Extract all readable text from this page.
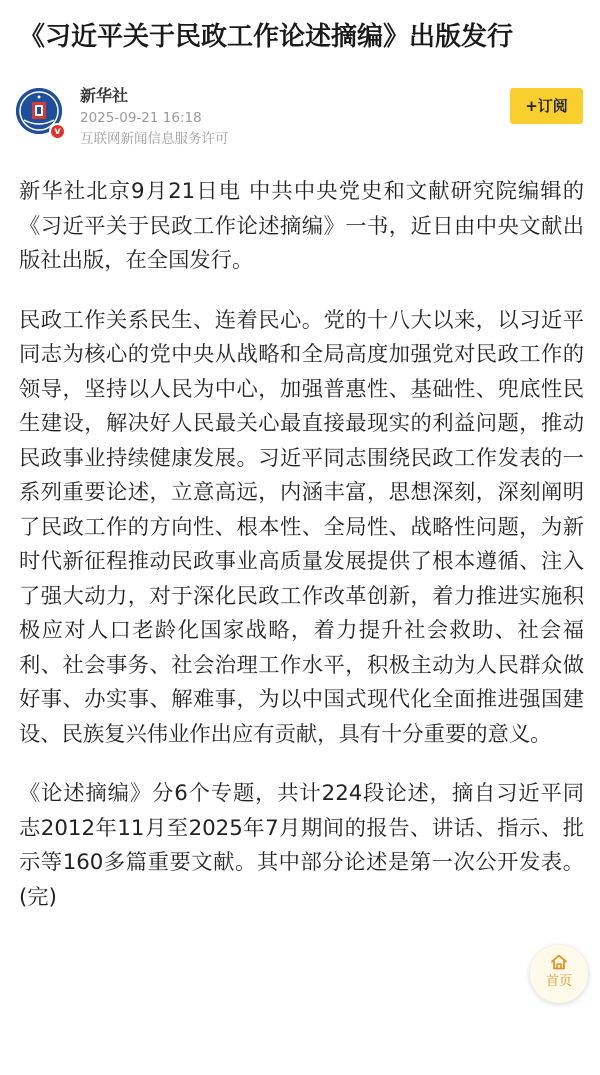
《习近平关于民政工作论述摘编》出版发行
v
新华社
2025-09-21 16:18
互联网新闻信息服务许可
+订阅

新华社北京9月21日电 中共中央党史和文献研究院编辑的《习近平关于民政工作论述摘编》一书，近日由中央文献出版社出版，在全国发行。

民政工作关系民生、连着民心。党的十八大以来，以习近平同志为核心的党中央从战略和全局高度加强党对民政工作的领导，坚持以人民为中心，加强普惠性、基础性、兜底性民生建设，解决好人民最关心最直接最现实的利益问题，推动民政事业持续健康发展。习近平同志围绕民政工作发表的一系列重要论述，立意高远，内涵丰富，思想深刻，深刻阐明了民政工作的方向性、根本性、全局性、战略性问题，为新时代新征程推动民政事业高质量发展提供了根本遵循、注入了强大动力，对于深化民政工作改革创新，着力推进实施积极应对人口老龄化国家战略，着力提升社会救助、社会福利、社会事务、社会治理工作水平，积极主动为人民群众做好事、办实事、解难事，为以中国式现代化全面推进强国建设、民族复兴伟业作出应有贡献，具有十分重要的意义。

《论述摘编》分6个专题，共计224段论述，摘自习近平同志2012年11月至2025年7月期间的报告、讲话、指示、批示等160多篇重要文献。其中部分论述是第一次公开发表。(完)

首页
